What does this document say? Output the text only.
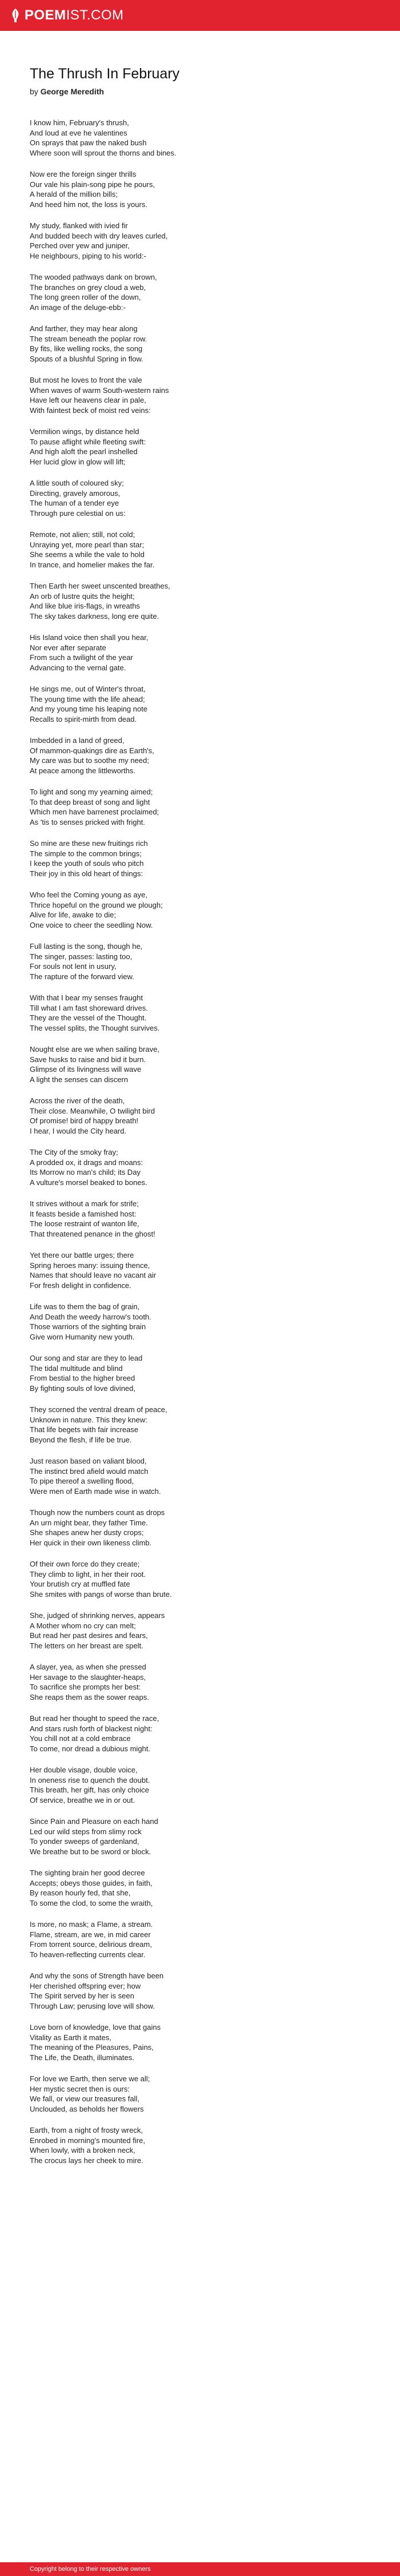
POEM IST.COM
The Thrush In February
by George Meredith
I know him, February's thrush,
And loud at eve he valentines
On sprays that paw the naked bush
Where soon will sprout the thorns and bines.
Now ere the foreign singer thrills
Our vale his plain-song pipe he pours,
A herald of the million bills;
And heed him not, the loss is yours.
My study, flanked with ivied fir
And budded beech with dry leaves curled,
Perched over yew and juniper,
He neighbours, piping to his world:-
The wooded pathways dank on brown,
The branches on grey cloud a web,
The long green roller of the down,
An image of the deluge-ebb:-
And farther, they may hear along
The stream beneath the poplar row.
By fits, like welling rocks, the song
Spouts of a blushful Spring in flow.
But most he loves to front the vale
When waves of warm South-western rains
Have left our heavens clear in pale,
With faintest beck of moist red veins:
Vermilion wings, by distance held
To pause aflight while fleeting swift:
And high aloft the pearl inshelled
Her lucid glow in glow will lift;
A little south of coloured sky;
Directing, gravely amorous,
The human of a tender eye
Through pure celestial on us:
Remote, not alien; still, not cold;
Unraying yet, more pearl than star;
She seems a while the vale to hold
In trance, and homelier makes the far.
Then Earth her sweet unscented breathes,
An orb of lustre quits the height;
And like blue iris-flags, in wreaths
The sky takes darkness, long ere quite.
His Island voice then shall you hear,
Nor ever after separate
From such a twilight of the year
Advancing to the vernal gate.
He sings me, out of Winter's throat,
The young time with the life ahead;
And my young time his leaping note
Recalls to spirit-mirth from dead.
Imbedded in a land of greed,
Of mammon-quakings dire as Earth's,
My care was but to soothe my need;
At peace among the littleworths.
To light and song my yearning aimed;
To that deep breast of song and light
Which men have barrenest proclaimed;
As 'tis to senses pricked with fright.
So mine are these new fruitings rich
The simple to the common brings;
I keep the youth of souls who pitch
Their joy in this old heart of things:
Who feel the Coming young as aye,
Thrice hopeful on the ground we plough;
Alive for life, awake to die;
One voice to cheer the seedling Now.
Full lasting is the song, though he,
The singer, passes: lasting too,
For souls not lent in usury,
The rapture of the forward view.
With that I bear my senses fraught
Till what I am fast shoreward drives.
They are the vessel of the Thought.
The vessel splits, the Thought survives.
Nought else are we when sailing brave,
Save husks to raise and bid it burn.
Glimpse of its livingness will wave
A light the senses can discern
Across the river of the death,
Their close. Meanwhile, O twilight bird
Of promise! bird of happy breath!
I hear, I would the City heard.
The City of the smoky fray;
A prodded ox, it drags and moans:
Its Morrow no man's child; its Day
A vulture's morsel beaked to bones.
It strives without a mark for strife;
It feasts beside a famished host:
The loose restraint of wanton life,
That threatened penance in the ghost!
Yet there our battle urges; there
Spring heroes many: issuing thence,
Names that should leave no vacant air
For fresh delight in confidence.
Life was to them the bag of grain,
And Death the weedy harrow's tooth.
Those warriors of the sighting brain
Give worn Humanity new youth.
Our song and star are they to lead
The tidal multitude and blind
From bestial to the higher breed
By fighting souls of love divined,
They scorned the ventral dream of peace,
Unknown in nature. This they knew:
That life begets with fair increase
Beyond the flesh, if life be true.
Just reason based on valiant blood,
The instinct bred afield would match
To pipe thereof a swelling flood,
Were men of Earth made wise in watch.
Though now the numbers count as drops
An urn might bear, they father Time.
She shapes anew her dusty crops;
Her quick in their own likeness climb.
Of their own force do they create;
They climb to light, in her their root.
Your brutish cry at muffled fate
She smites with pangs of worse than brute.
She, judged of shrinking nerves, appears
A Mother whom no cry can melt;
But read her past desires and fears,
The letters on her breast are spelt.
A slayer, yea, as when she pressed
Her savage to the slaughter-heaps,
To sacrifice she prompts her best:
She reaps them as the sower reaps.
But read her thought to speed the race,
And stars rush forth of blackest night:
You chill not at a cold embrace
To come, nor dread a dubious might.
Her double visage, double voice,
In oneness rise to quench the doubt.
This breath, her gift, has only choice
Of service, breathe we in or out.
Since Pain and Pleasure on each hand
Led our wild steps from slimy rock
To yonder sweeps of gardenland,
We breathe but to be sword or block.
The sighting brain her good decree
Accepts; obeys those guides, in faith,
By reason hourly fed, that she,
To some the clod, to some the wraith,
Is more, no mask; a Flame, a stream.
Flame, stream, are we, in mid career
From torrent source, delirious dream,
To heaven-reflecting currents clear.
And why the sons of Strength have been
Her cherished offspring ever; how
The Spirit served by her is seen
Through Law; perusing love will show.
Love born of knowledge, love that gains
Vitality as Earth it mates,
The meaning of the Pleasures, Pains,
The Life, the Death, illuminates.
For love we Earth, then serve we all;
Her mystic secret then is ours:
We fall, or view our treasures fall,
Unclouded, as beholds her flowers
Earth, from a night of frosty wreck,
Enrobed in morning's mounted fire,
When lowly, with a broken neck,
The crocus lays her cheek to mire.
Copyright belong to their respective owners
